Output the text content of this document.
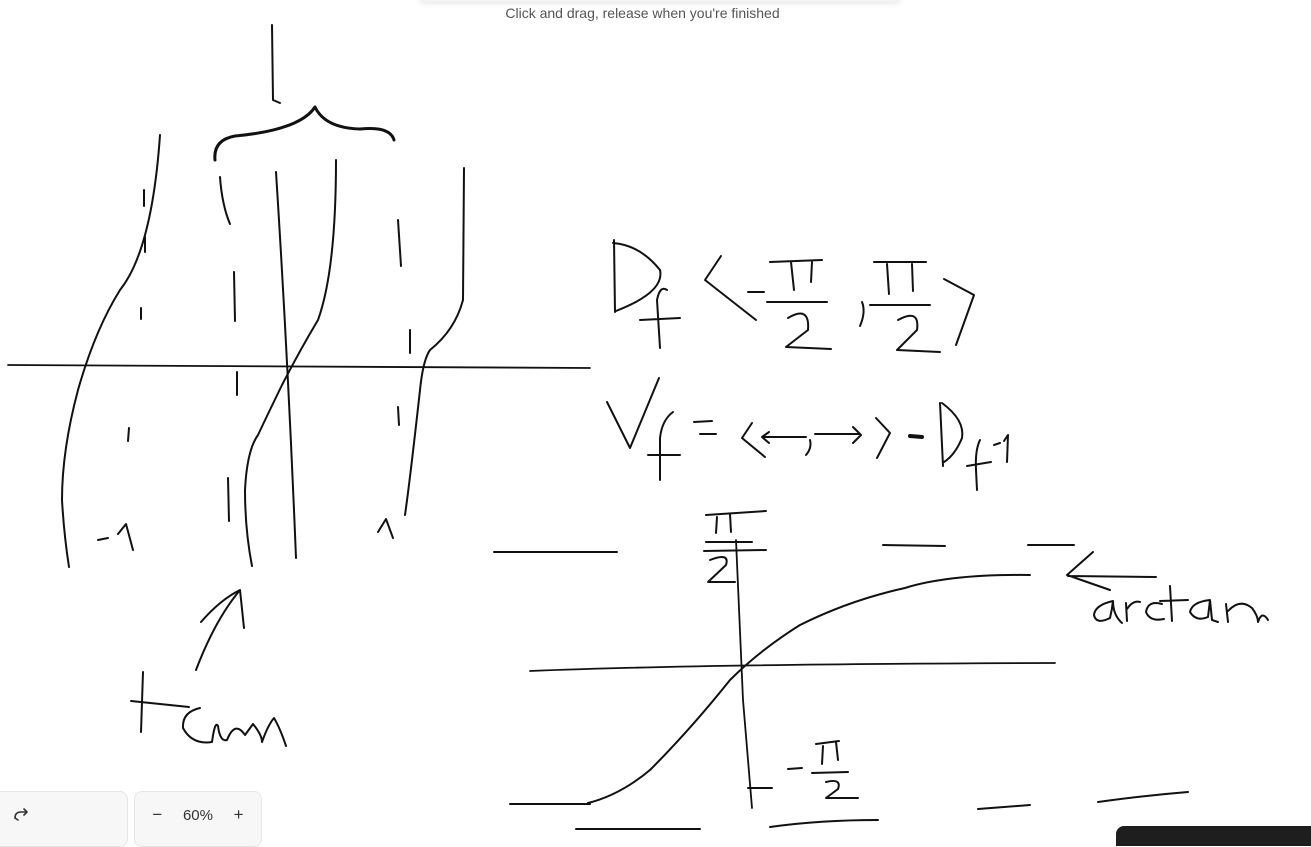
Click and drag, release when you're finished
−	60%	+
